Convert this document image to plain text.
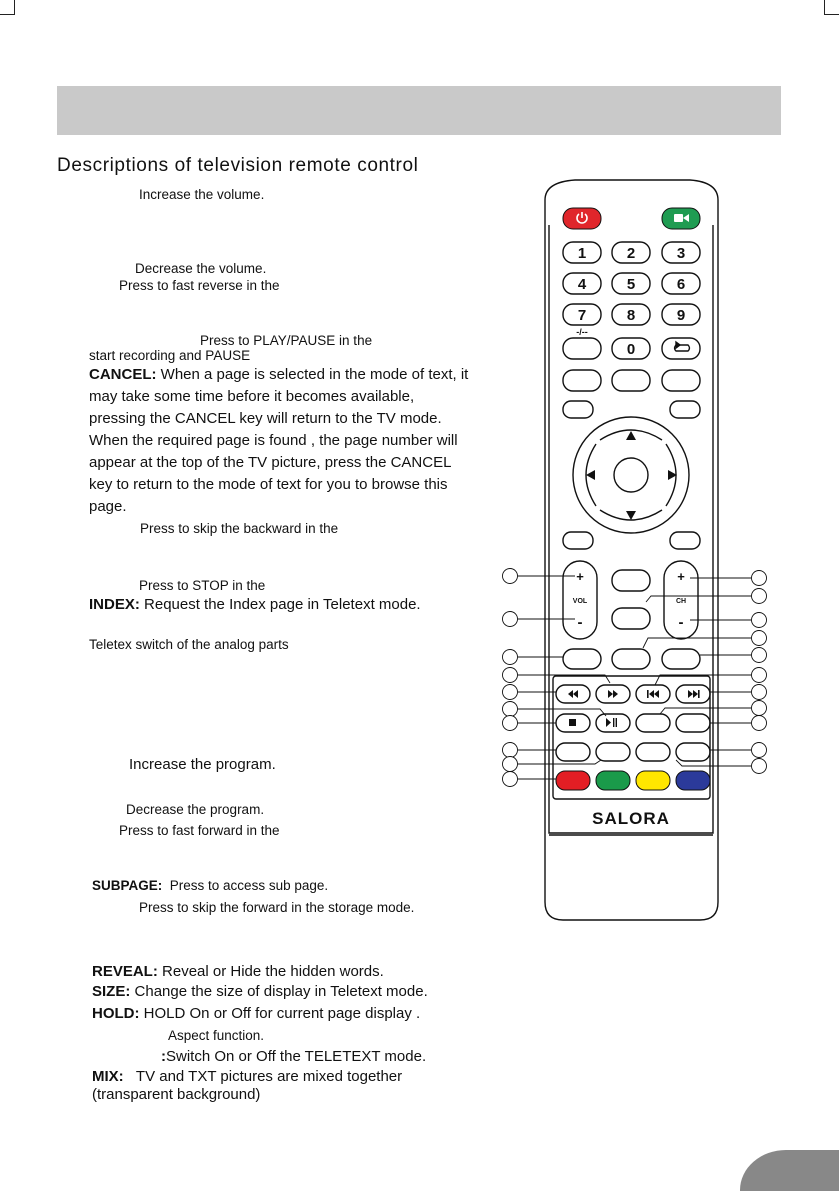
Descriptions of television remote control
Increase the volume.
Decrease the volume.
Press to fast reverse in the
Press to PLAY/PAUSE in the
start recording and PAUSE
CANCEL: When a page is selected in the mode of text, it may take some time before it becomes available, pressing the CANCEL key will return to the TV mode. When the required page is found , the page number will appear at the top of the TV picture, press the CANCEL key to return to the mode of text for you to browse this page.
Press to skip the backward in the
Press to STOP in the
INDEX: Request the Index page in Teletext mode.
Teletex switch of the analog parts
Increase the program.
Decrease the program.
Press to fast forward in the
SUBPAGE: Press to access sub page.
Press to skip the forward in the storage mode.
REVEAL: Reveal or Hide the hidden words.
SIZE: Change the size of display in Teletext mode.
HOLD: HOLD On or Off for current page display .
Aspect function.
:Switch On or Off the TELETEXT mode.
MIX: TV and TXT pictures are mixed together
(transparent background)
1	2	3
4	5	6
7	8	9
0
-/--
+
VOL
-
+
CH
-
SALORA
